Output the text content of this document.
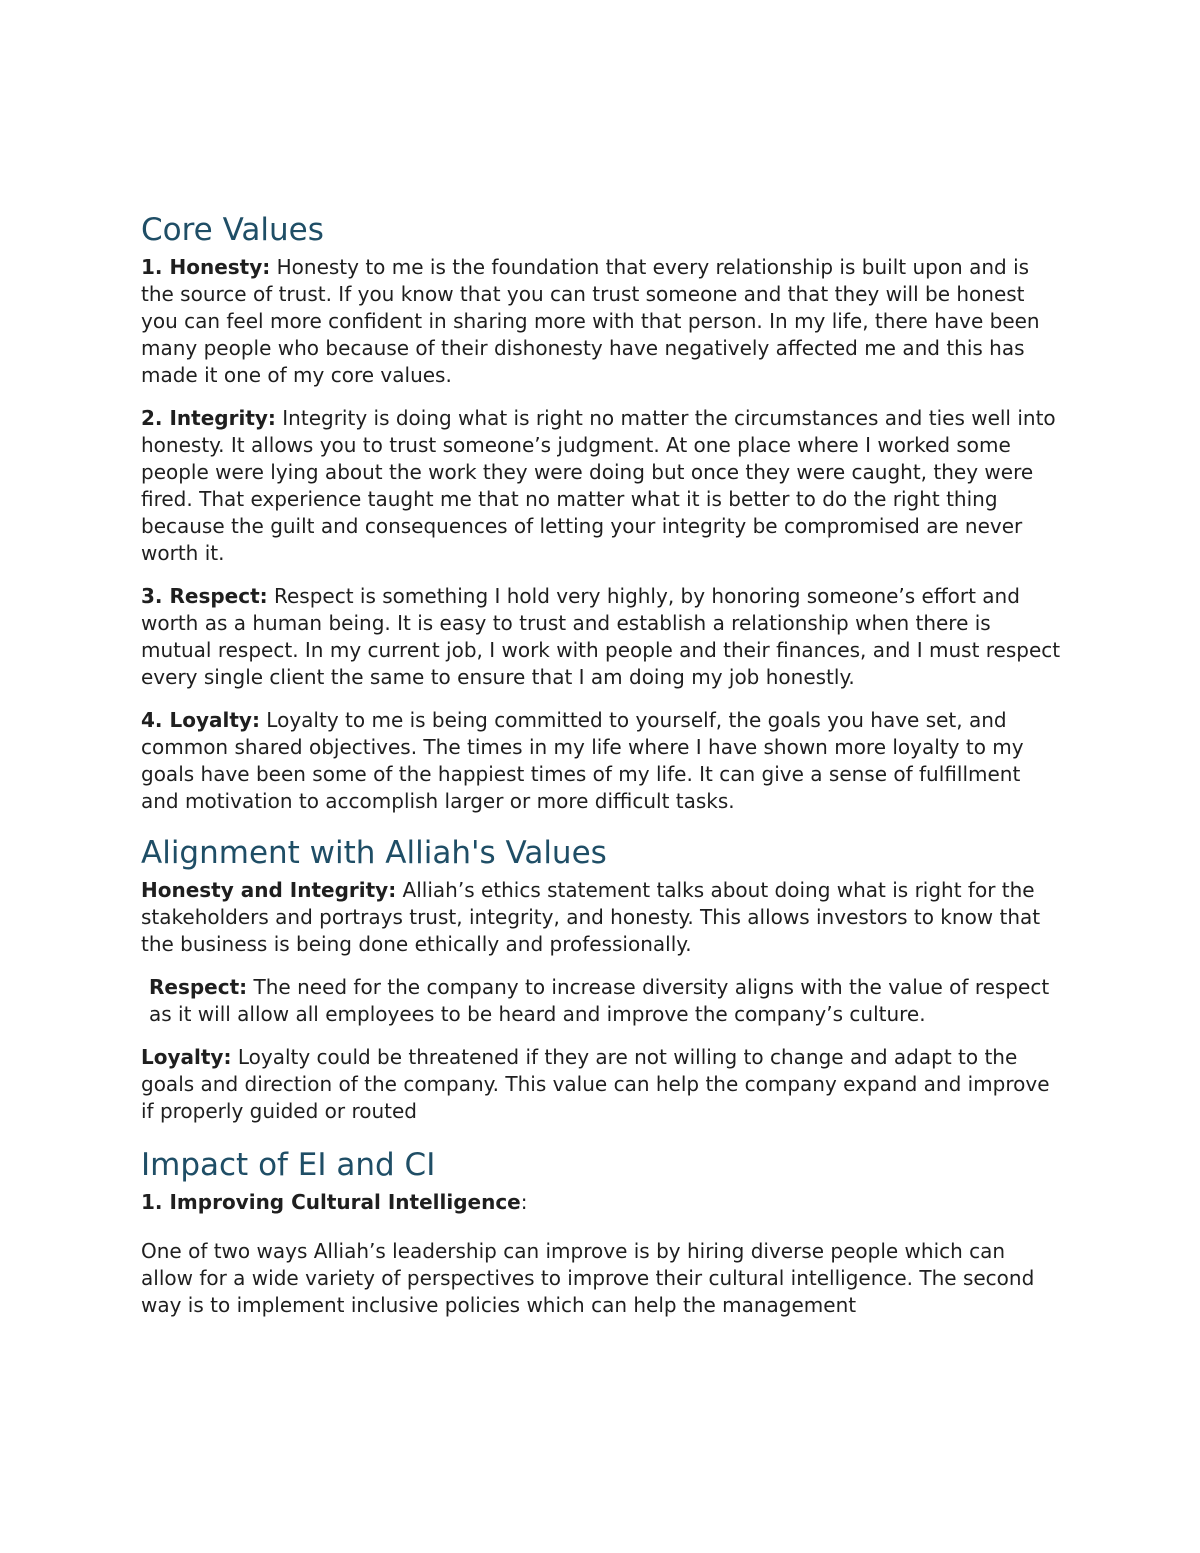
Core Values

1. Honesty: Honesty to me is the foundation that every relationship is built upon and is the source of trust. If you know that you can trust someone and that they will be honest you can feel more confident in sharing more with that person. In my life, there have been many people who because of their dishonesty have negatively affected me and this has made it one of my core values.

2. Integrity: Integrity is doing what is right no matter the circumstances and ties well into honesty. It allows you to trust someone’s judgment. At one place where I worked some people were lying about the work they were doing but once they were caught, they were fired. That experience taught me that no matter what it is better to do the right thing because the guilt and consequences of letting your integrity be compromised are never worth it.

3. Respect: Respect is something I hold very highly, by honoring someone’s effort and worth as a human being. It is easy to trust and establish a relationship when there is mutual respect. In my current job, I work with people and their finances, and I must respect every single client the same to ensure that I am doing my job honestly.

4. Loyalty: Loyalty to me is being committed to yourself, the goals you have set, and common shared objectives. The times in my life where I have shown more loyalty to my goals have been some of the happiest times of my life. It can give a sense of fulfillment and motivation to accomplish larger or more difficult tasks.

Alignment with Alliah's Values

Honesty and Integrity: Alliah’s ethics statement talks about doing what is right for the stakeholders and portrays trust, integrity, and honesty. This allows investors to know that the business is being done ethically and professionally.

Respect: The need for the company to increase diversity aligns with the value of respect as it will allow all employees to be heard and improve the company’s culture.

Loyalty: Loyalty could be threatened if they are not willing to change and adapt to the goals and direction of the company. This value can help the company expand and improve if properly guided or routed

Impact of EI and CI

1. Improving Cultural Intelligence:

One of two ways Alliah’s leadership can improve is by hiring diverse people which can allow for a wide variety of perspectives to improve their cultural intelligence. The second way is to implement inclusive policies which can help the management
